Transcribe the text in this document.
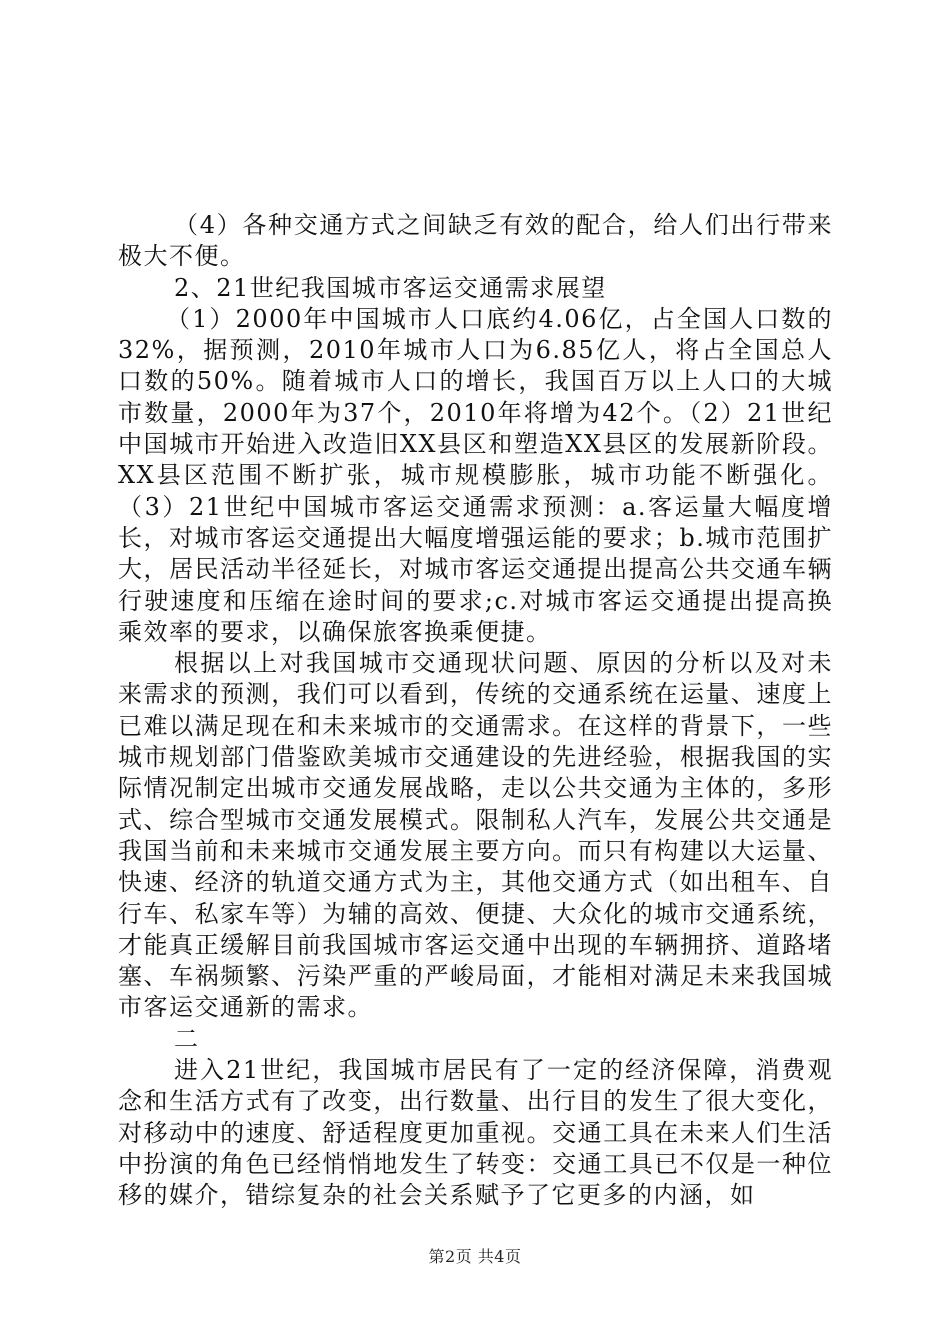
（4）各种交通方式之间缺乏有效的配合，给人们出行带来极大不便。

2、21世纪我国城市客运交通需求展望

（1）2000年中国城市人口底约4.06亿，占全国人口数的32%，据预测，2010年城市人口为6.85亿人，将占全国总人口数的50%。随着城市人口的增长，我国百万以上人口的大城市数量，2000年为37个，2010年将增为42个。（2）21世纪中国城市开始进入改造旧XX县区和塑造XX县区的发展新阶段。XX县区范围不断扩张，城市规模膨胀，城市功能不断强化。（3）21世纪中国城市客运交通需求预测：a.客运量大幅度增长，对城市客运交通提出大幅度增强运能的要求；b.城市范围扩大，居民活动半径延长，对城市客运交通提出提高公共交通车辆行驶速度和压缩在途时间的要求;c.对城市客运交通提出提高换乘效率的要求，以确保旅客换乘便捷。

根据以上对我国城市交通现状问题、原因的分析以及对未来需求的预测，我们可以看到，传统的交通系统在运量、速度上已难以满足现在和未来城市的交通需求。在这样的背景下，一些城市规划部门借鉴欧美城市交通建设的先进经验，根据我国的实际情况制定出城市交通发展战略，走以公共交通为主体的，多形式、综合型城市交通发展模式。限制私人汽车，发展公共交通是我国当前和未来城市交通发展主要方向。而只有构建以大运量、快速、经济的轨道交通方式为主，其他交通方式（如出租车、自行车、私家车等）为辅的高效、便捷、大众化的城市交通系统，才能真正缓解目前我国城市客运交通中出现的车辆拥挤、道路堵塞、车祸频繁、污染严重的严峻局面，才能相对满足未来我国城市客运交通新的需求。

二

进入21世纪，我国城市居民有了一定的经济保障，消费观念和生活方式有了改变，出行数量、出行目的发生了很大变化，对移动中的速度、舒适程度更加重视。交通工具在未来人们生活中扮演的角色已经悄悄地发生了转变：交通工具已不仅是一种位移的媒介，错综复杂的社会关系赋予了它更多的内涵，如

第2页 共4页
